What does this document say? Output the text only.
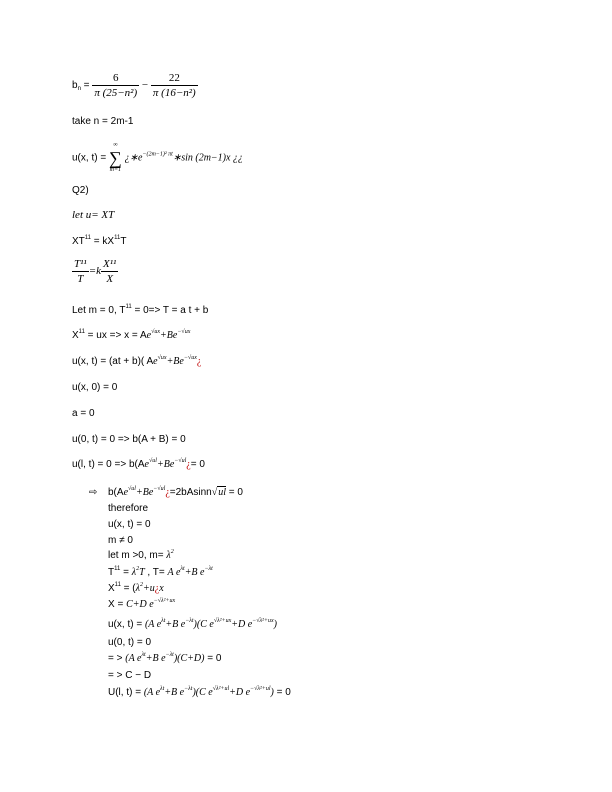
$b_n = \frac{6}{\text{π (25−n²)}} - \frac{22}{\text{π (16−n²)}}$
take n = 2m-1
u(x, t) =
∞
∑
m=1
¿$∗e^{-(2m-1)^2 \pi t}∗\sin$ (2m−1)x ¿¿
Q2)
let u= XT
$XT^{11} = kX^{11}T$
$\frac{\text{T¹¹}}{T} =k \frac{\text{X¹¹}}{X}$
Let m = 0, $T^{11} = 0=> T = a$ t + b
$X^{11}$ = ux => $x = Ae^{√ux}+Be^{-√ux}$
u(x, t) = (at + b)( $Ae^{√ux}+Be^{-√ux}¿$
u(x, 0) = 0
a = 0
u(0, t) = 0 => b(A + B) = 0
u(l, $t) = 0 => b(Ae^{√ul}+Be^{-√ul}¿= 0$
⇨ $b(Ae^{√ul}+Be^{-√ul}¿=2bAsinn√ul = 0$
therefore
u(x, t) = 0
m ≠ 0
let m >0, $m= \lambda^2$
$T^{11} = \lambda^2T$ , T= A $e^{\lambda t}+B$ $e^{-\lambda t}$
$X^{11}$ = ($\lambda^2+u¿x$
X = C+D $e^{-√\lambda^2+ux}$
u(x, t) = (A $e^{\lambda t}+B$ $e^{-\lambda t})(C$ $e^{√\lambda^2+ux}+D$ $e^{-√\lambda^2+ux}$)
u(0, t) = 0
= > (A $e^{\lambda t}+B$ $e^{-\lambda t})(C+D) = 0$
= > C − D
U(l, t) = (A $e^{\lambda t}+B$ $e^{-\lambda t})(C$ $e^{√\lambda^2+ul}+D$ $e^{-√\lambda^2+ul}) = 0$
